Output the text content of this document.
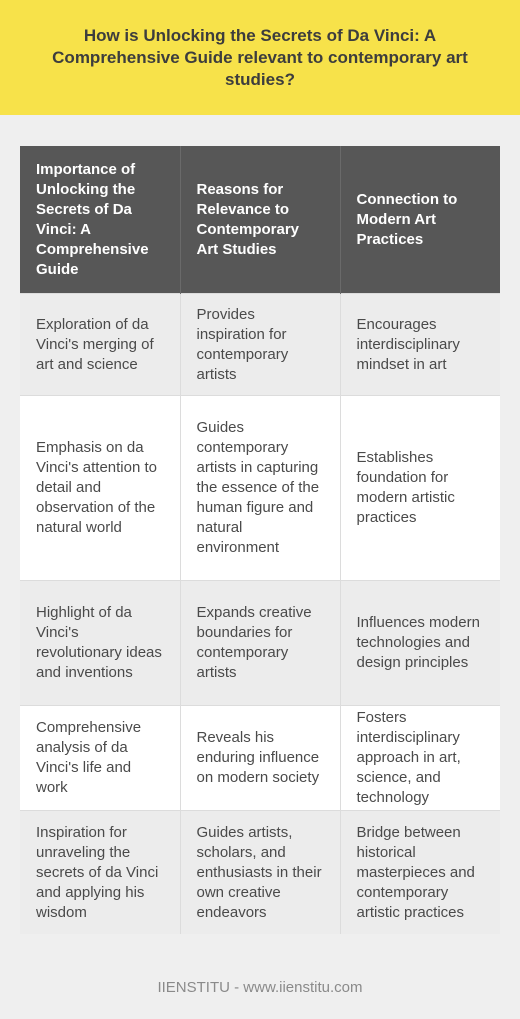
How is Unlocking the Secrets of Da Vinci: A Comprehensive Guide relevant to contemporary art studies?
Importance of Unlocking the Secrets of Da Vinci: A Comprehensive Guide	Reasons for Relevance to Contemporary Art Studies	Connection to Modern Art Practices
Exploration of da Vinci's merging of art and science	Provides inspiration for contemporary artists	Encourages interdisciplinary mindset in art
Emphasis on da Vinci's attention to detail and observation of the natural world	Guides contemporary artists in capturing the essence of the human figure and natural environment	Establishes foundation for modern artistic practices
Highlight of da Vinci's revolutionary ideas and inventions	Expands creative boundaries for contemporary artists	Influences modern technologies and design principles
Comprehensive analysis of da Vinci's life and work	Reveals his enduring influence on modern society	Fosters interdisciplinary approach in art, science, and technology
Inspiration for unraveling the secrets of da Vinci and applying his wisdom	Guides artists, scholars, and enthusiasts in their own creative endeavors	Bridge between historical masterpieces and contemporary artistic practices
IIENSTITU - www.iienstitu.com
